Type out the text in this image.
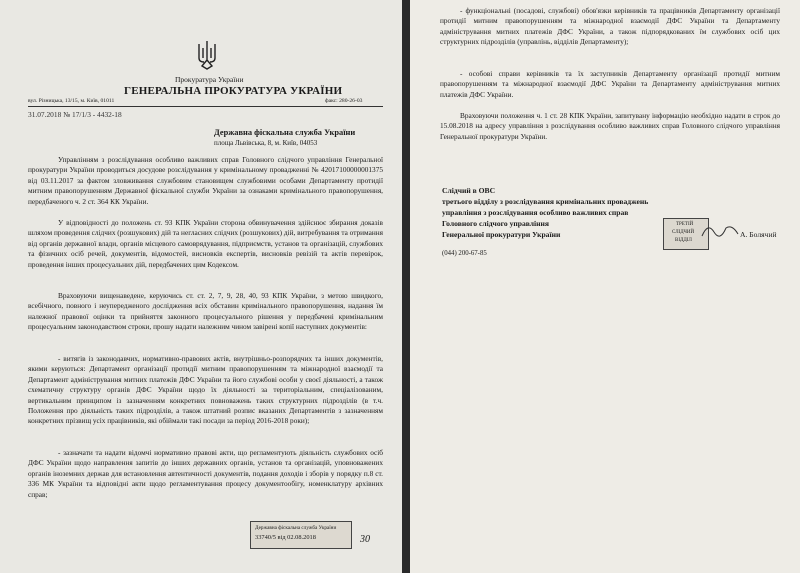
Прокуратура України
ГЕНЕРАЛЬНА ПРОКУРАТУРА УКРАЇНИ
вул. Різницька, 13/15, м. Київ, 01011	факс: 280-26-03
31.07.2018 № 17/1/3 - 4432-18
Державна фіскальна служба України
площа Львівська, 8, м. Київ, 04053
Управлінням з розслідування особливо важливих справ Головного слідчого управління Генеральної прокуратури України проводиться досудове розслідування у кримінальному провадженні № 42017100000001375 від 03.11.2017 за фактом зловживання службовим становищем службовими особами Департаменту протидії митним правопорушенням Державної фіскальної служби України за ознаками кримінального правопорушення, передбаченого ч. 2 ст. 364 КК України.
У відповідності до положень ст. 93 КПК України сторона обвинувачення здійснює збирання доказів шляхом проведення слідчих (розшукових) дій та негласних слідчих (розшукових) дій, витребування та отримання від органів державної влади, органів місцевого самоврядування, підприємств, установ та організацій, службових та фізичних осіб речей, документів, відомостей, висновків експертів, висновків ревізій та актів перевірок, проведення інших процесуальних дій, передбачених цим Кодексом.
Враховуючи вищенаведене, керуючись ст. ст. 2, 7, 9, 28, 40, 93 КПК України, з метою швидкого, всебічного, повного і неупередженого дослідження всіх обставин кримінального правопорушення, надання їм належної правової оцінки та прийняття законного процесуального рішення у передбачені кримінальним процесуальним законодавством строки, прошу надати належним чином завірені копії наступних документів:
- витягів із законодавчих, нормативно-правових актів, внутрішньо-розпорядчих та інших документів, якими керуються: Департамент організації протидії митним правопорушенням та міжнародної взаємодії та Департамент адміністрування митних платежів ДФС України та його службові особи у своєї діяльності, а також схематичну структуру органів ДФС України щодо їх діяльності за територіальним, спеціалізованим, вертикальним принципом із зазначенням конкретних повноважень таких структурних підрозділів (в т.ч. Положення про діяльність таких підрозділів, а також штатний розпис вказаних Департаментів з зазначенням конкретних прізвищ усіх працівників, які обіймали такі посади за період 2016-2018 роки);
- зазначати та надати відомчі нормативно правові акти, що регламентують діяльність службових осіб ДФС України щодо направлення запитів до інших державних органів, установ та організацій, уповноважених органів іноземних держав для встановлення автентичності документів, подання доходів і зборів у порядку п.8 ст. 336 МК України та відповідні акти щодо регламентування процесу документообігу, номенклатуру архівних справ;
Державна фіскальна служба України
33740/5 від 02.08.2018	30
- функціональні (посадові, службові) обов'язки керівників та працівників Департаменту організації протидії митним правопорушенням та міжнародної взаємодії ДФС України та Департаменту адміністрування митних платежів ДФС України, а також підпорядкованих їм службових осіб цих структурних підрозділів (управлінь, відділів Департаменту);
- особові справи керівників та їх заступників Департаменту організації протидії митним правопорушенням та міжнародної взаємодії ДФС України та Департаменту адміністрування митних платежів ДФС України.
Враховуючи положення ч. 1 ст. 28 КПК України, запитувану інформацію необхідно надати в строк до 15.08.2018 на адресу управління з розслідування особливо важливих справ Головного слідчого управління Генеральної прокуратури України.
Слідчий в ОВС
третього відділу з розслідування кримінальних проваджень
управління з розслідування особливо важливих справ
Головного слідчого управління
Генеральної прокуратури України
ТРЕТІЙ
СЛІДЧИЙ
ВІДДІЛ
А. Болячий
(044) 200-67-85
